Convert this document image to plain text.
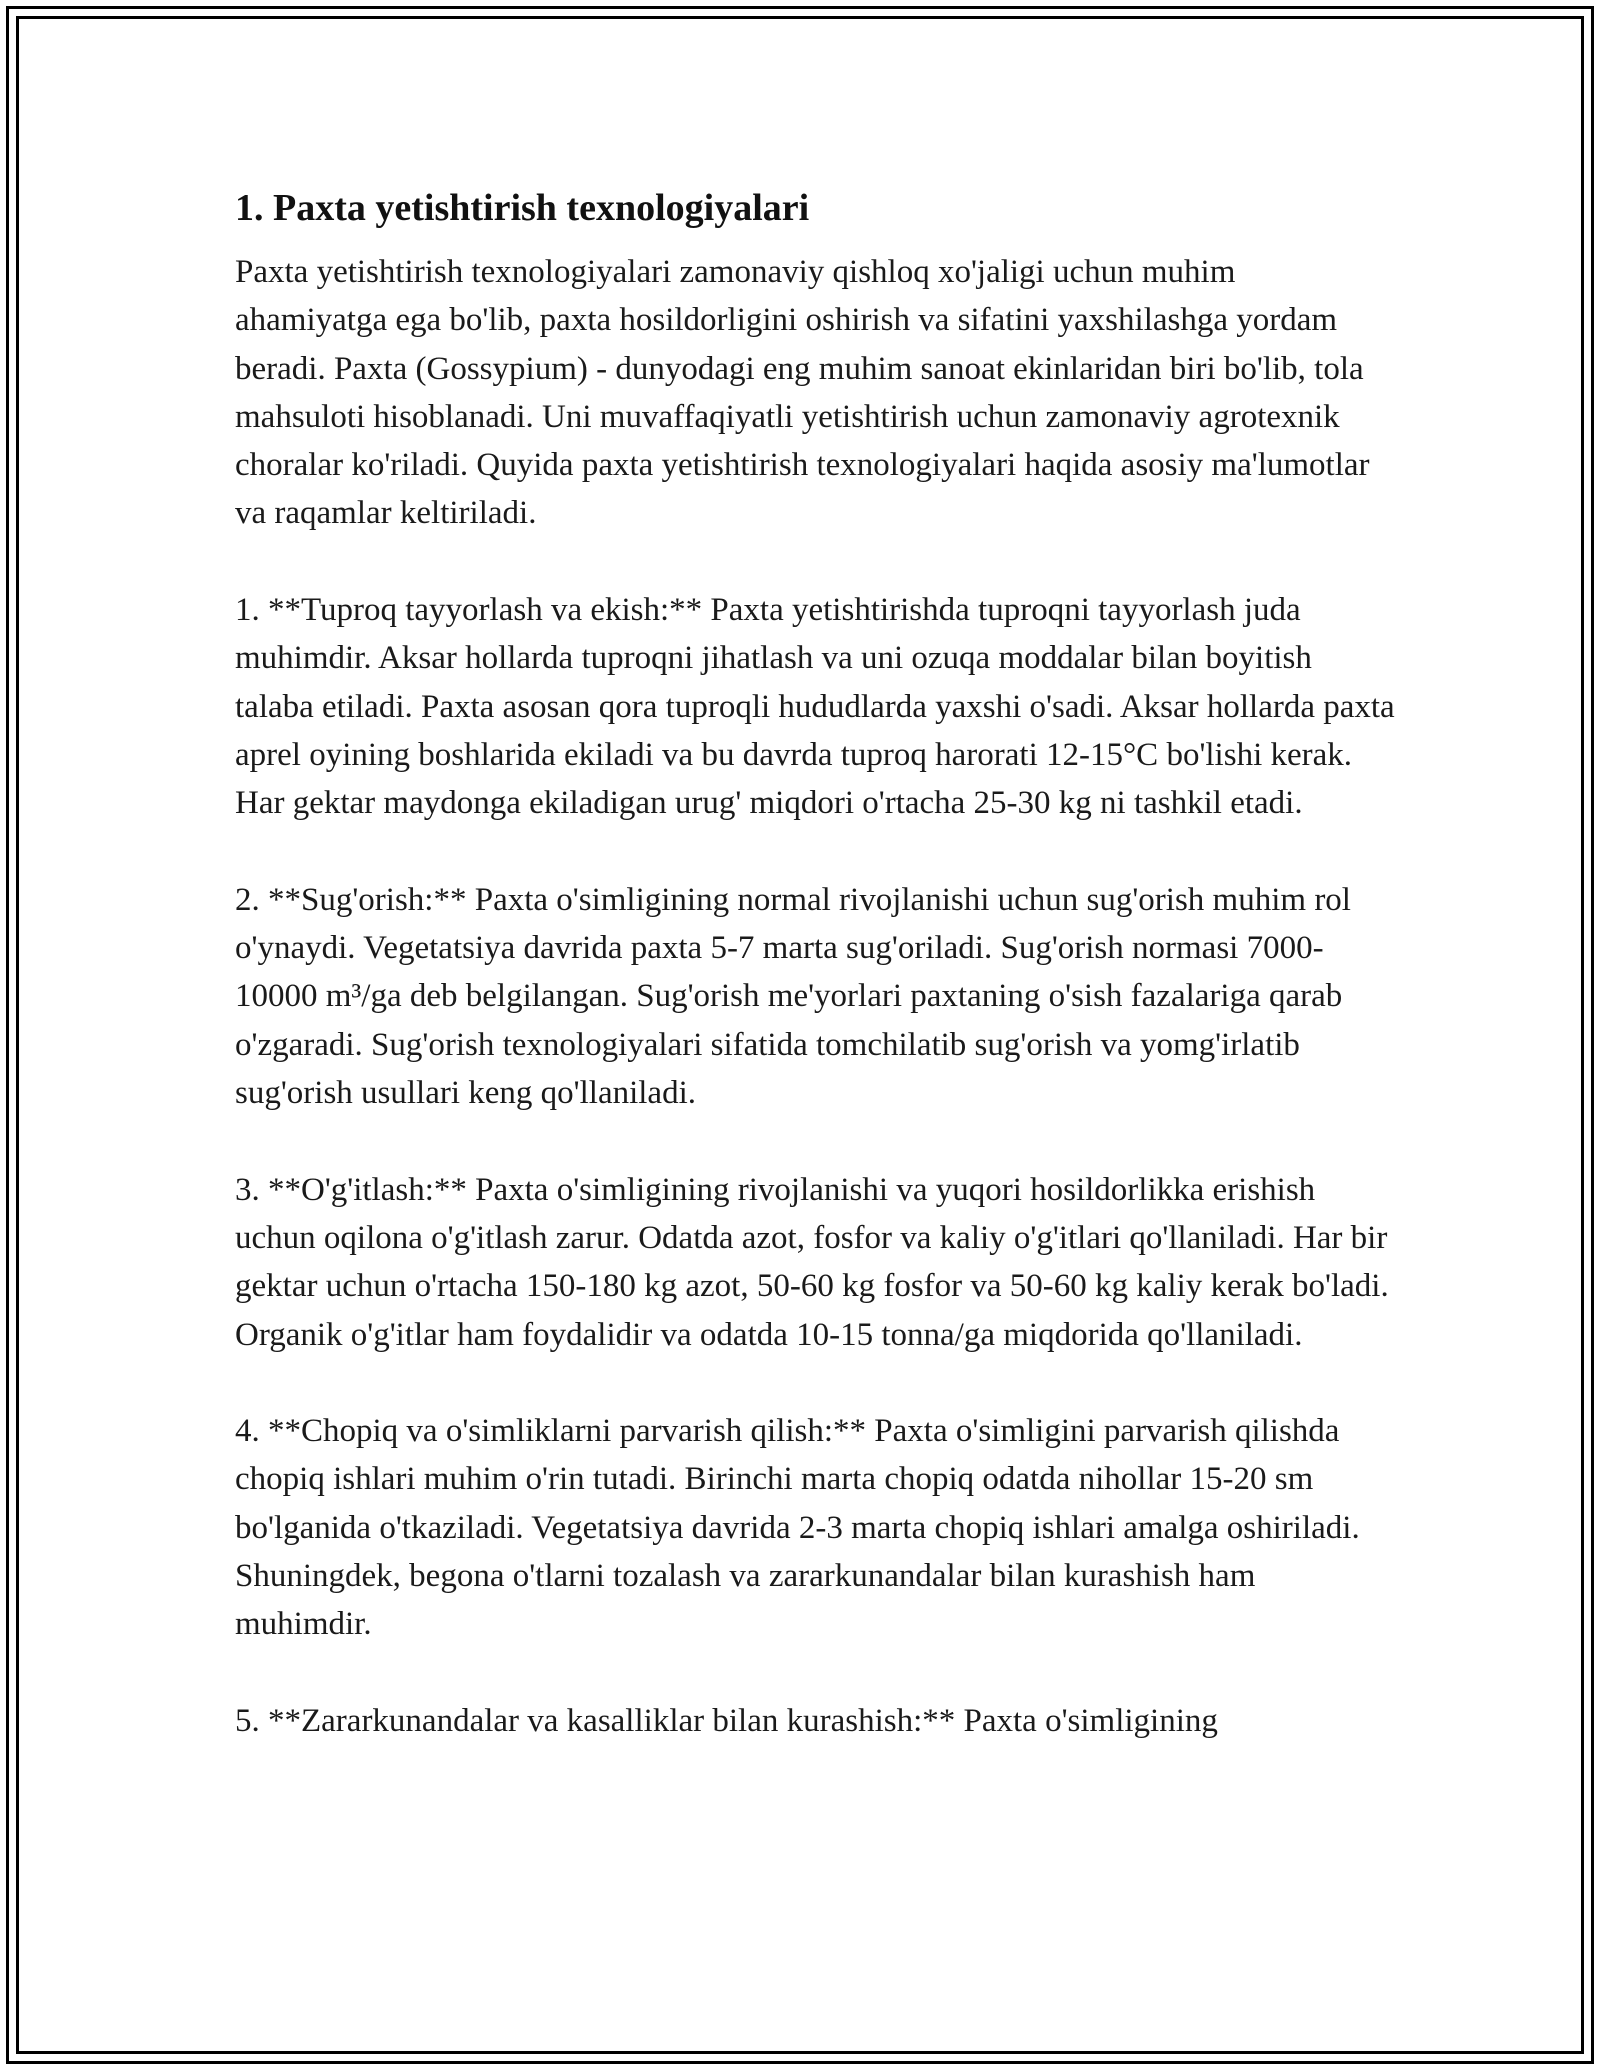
1. Paxta yetishtirish texnologiyalari

Paxta yetishtirish texnologiyalari zamonaviy qishloq xo'jaligi uchun muhim ahamiyatga ega bo'lib, paxta hosildorligini oshirish va sifatini yaxshilashga yordam beradi. Paxta (Gossypium) - dunyodagi eng muhim sanoat ekinlaridan biri bo'lib, tola mahsuloti hisoblanadi. Uni muvaffaqiyatli yetishtirish uchun zamonaviy agrotexnik choralar ko'riladi. Quyida paxta yetishtirish texnologiyalari haqida asosiy ma'lumotlar va raqamlar keltiriladi.

1. **Tuproq tayyorlash va ekish:** Paxta yetishtirishda tuproqni tayyorlash juda muhimdir. Aksar hollarda tuproqni jihatlash va uni ozuqa moddalar bilan boyitish talaba etiladi. Paxta asosan qora tuproqli hududlarda yaxshi o'sadi. Aksar hollarda paxta aprel oyining boshlarida ekiladi va bu davrda tuproq harorati 12-15°C bo'lishi kerak. Har gektar maydonga ekiladigan urug' miqdori o'rtacha 25-30 kg ni tashkil etadi.

2. **Sug'orish:** Paxta o'simligining normal rivojlanishi uchun sug'orish muhim rol o'ynaydi. Vegetatsiya davrida paxta 5-7 marta sug'oriladi. Sug'orish normasi 7000-10000 m³/ga deb belgilangan. Sug'orish me'yorlari paxtaning o'sish fazalariga qarab o'zgaradi. Sug'orish texnologiyalari sifatida tomchilatib sug'orish va yomg'irlatib sug'orish usullari keng qo'llaniladi.

3. **O'g'itlash:** Paxta o'simligining rivojlanishi va yuqori hosildorlikka erishish uchun oqilona o'g'itlash zarur. Odatda azot, fosfor va kaliy o'g'itlari qo'llaniladi. Har bir gektar uchun o'rtacha 150-180 kg azot, 50-60 kg fosfor va 50-60 kg kaliy kerak bo'ladi. Organik o'g'itlar ham foydalidir va odatda 10-15 tonna/ga miqdorida qo'llaniladi.

4. **Chopiq va o'simliklarni parvarish qilish:** Paxta o'simligini parvarish qilishda chopiq ishlari muhim o'rin tutadi. Birinchi marta chopiq odatda nihollar 15-20 sm bo'lganida o'tkaziladi. Vegetatsiya davrida 2-3 marta chopiq ishlari amalga oshiriladi. Shuningdek, begona o'tlarni tozalash va zararkunandalar bilan kurashish ham muhimdir.

5. **Zararkunandalar va kasalliklar bilan kurashish:** Paxta o'simligining
